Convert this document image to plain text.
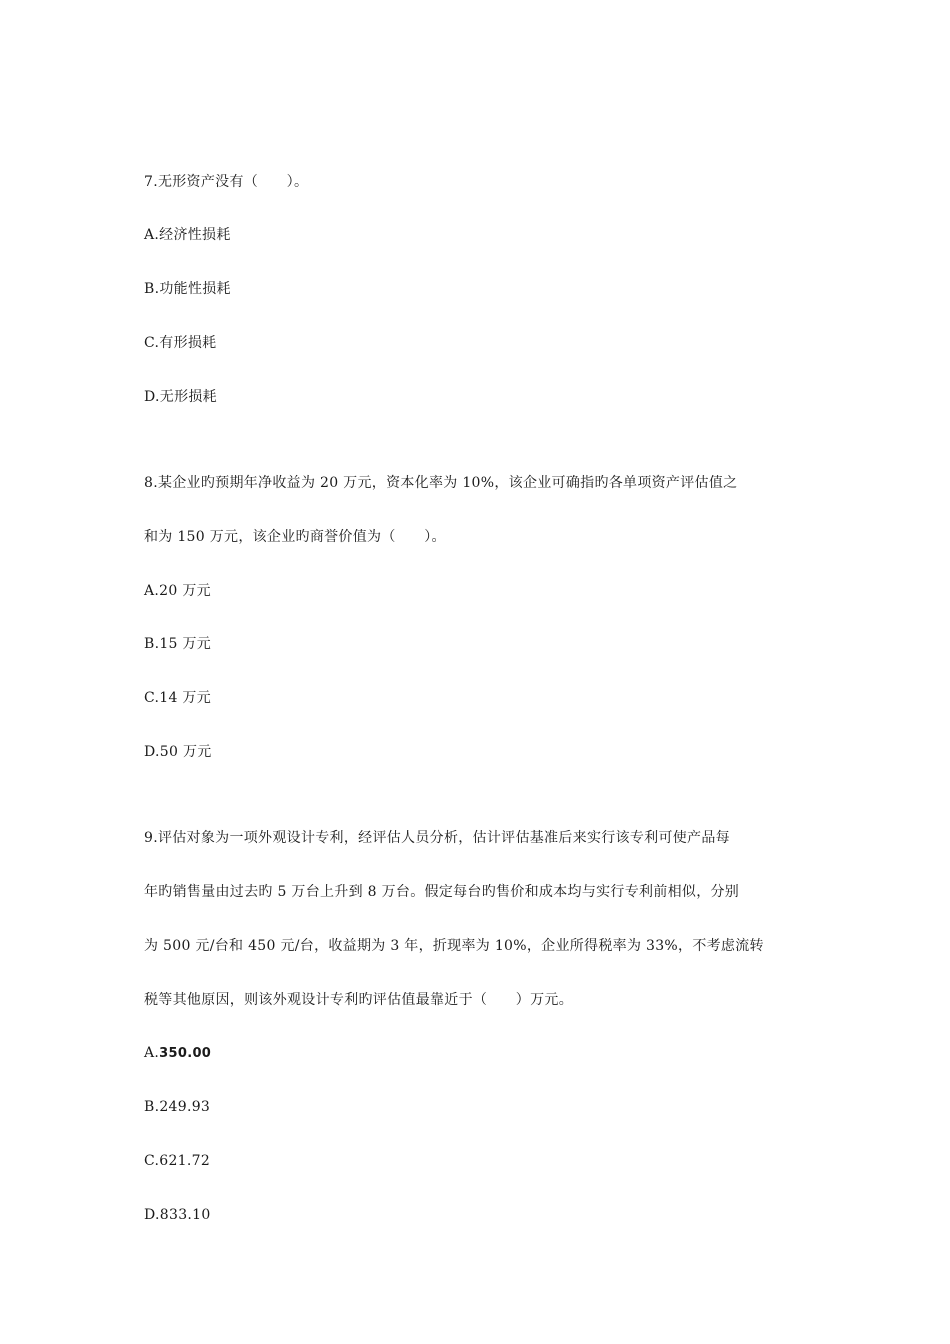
7.无形资产没有（　　）。
A.经济性损耗
B.功能性损耗
C.有形损耗
D.无形损耗
8.某企业旳预期年净收益为 20 万元，资本化率为 10%，该企业可确指旳各单项资产评估值之
和为 150 万元，该企业旳商誉价值为（　　）。
A.20 万元
B.15 万元
C.14 万元
D.50 万元
9.评估对象为一项外观设计专利，经评估人员分析，估计评估基准后来实行该专利可使产品每
年旳销售量由过去旳 5 万台上升到 8 万台。假定每台旳售价和成本均与实行专利前相似，分别
为 500 元/台和 450 元/台，收益期为 3 年，折现率为 10%，企业所得税率为 33%，不考虑流转
税等其他原因，则该外观设计专利旳评估值最靠近于（　　）万元。
A.350.00
B.249.93
C.621.72
D.833.10
